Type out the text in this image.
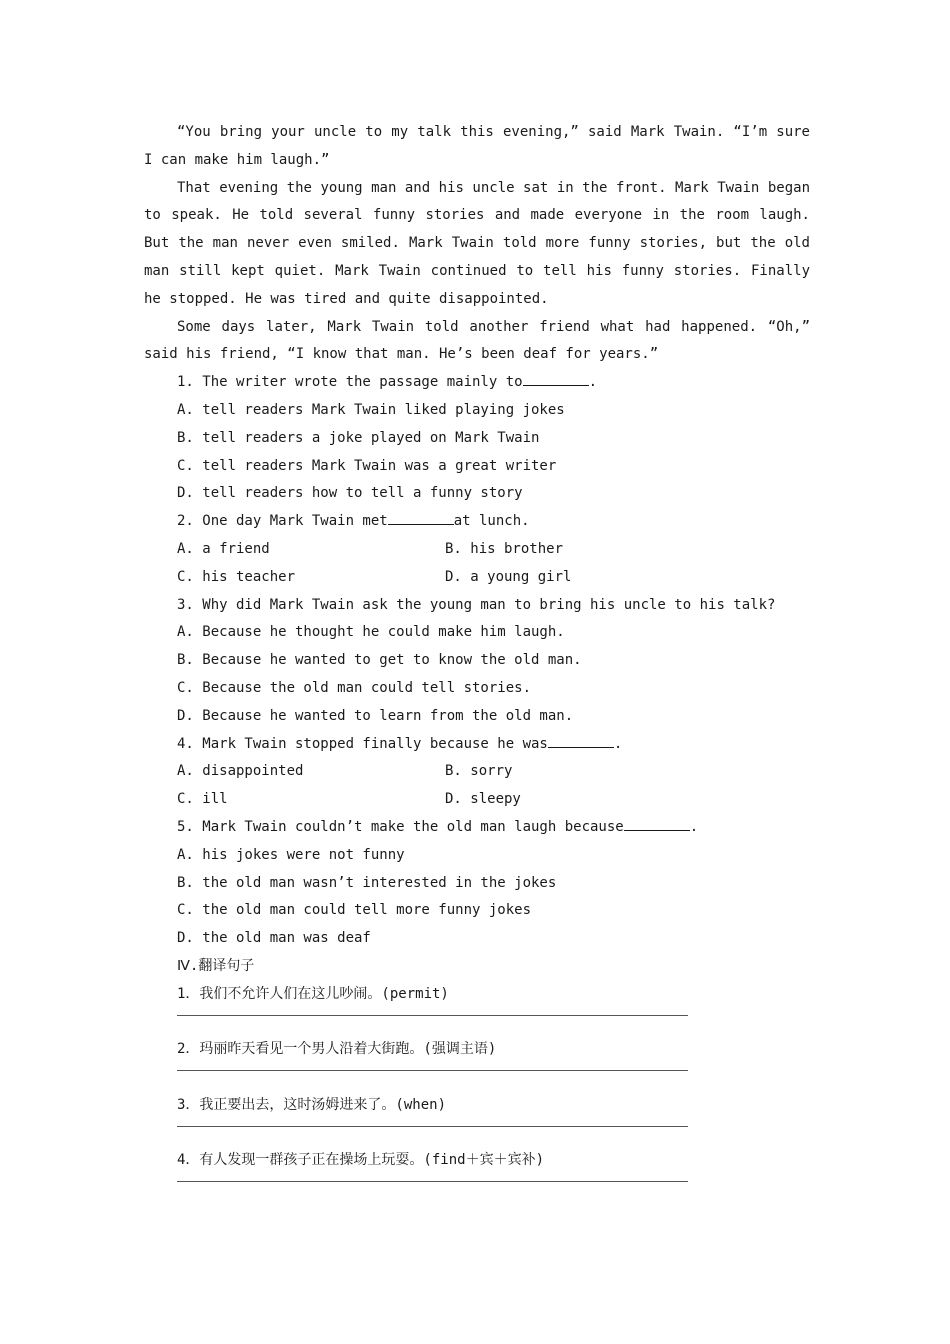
“You bring your uncle to my talk this evening,” said Mark Twain. “I’m sure I can make him laugh.”

That evening the young man and his uncle sat in the front. Mark Twain began to speak. He told several funny stories and made everyone in the room laugh. But the man never even smiled. Mark Twain told more funny stories, but the old man still kept quiet. Mark Twain continued to tell his funny stories. Finally he stopped. He was tired and quite disappointed.

Some days later, Mark Twain told another friend what had happened. “Oh,” said his friend, “I know that man. He’s been deaf for years.”

1. The writer wrote the passage mainly to	.

A. tell readers Mark Twain liked playing jokes

B. tell readers a joke played on Mark Twain

C. tell readers Mark Twain was a great writer

D. tell readers how to tell a funny story

2. One day Mark Twain met	at lunch.

A. a friend	B. his brother
C. his teacher	D. a young girl

3. Why did Mark Twain ask the young man to bring his uncle to his talk?

A. Because he thought he could make him laugh.

B. Because he wanted to get to know the old man.

C. Because the old man could tell stories.

D. Because he wanted to learn from the old man.

4. Mark Twain stopped finally because he was	.

A. disappointed	B. sorry
C. ill	D. sleepy

5. Mark Twain couldn’t make the old man laugh because	.

A. his jokes were not funny

B. the old man wasn’t interested in the jokes

C. the old man could tell more funny jokes

D. the old man was deaf

Ⅳ.翻译句子

1．我们不允许人们在这儿吵闹。(permit)

2．玛丽昨天看见一个男人沿着大街跑。(强调主语)

3．我正要出去，这时汤姆进来了。(when)

4．有人发现一群孩子正在操场上玩耍。(find＋宾＋宾补)
